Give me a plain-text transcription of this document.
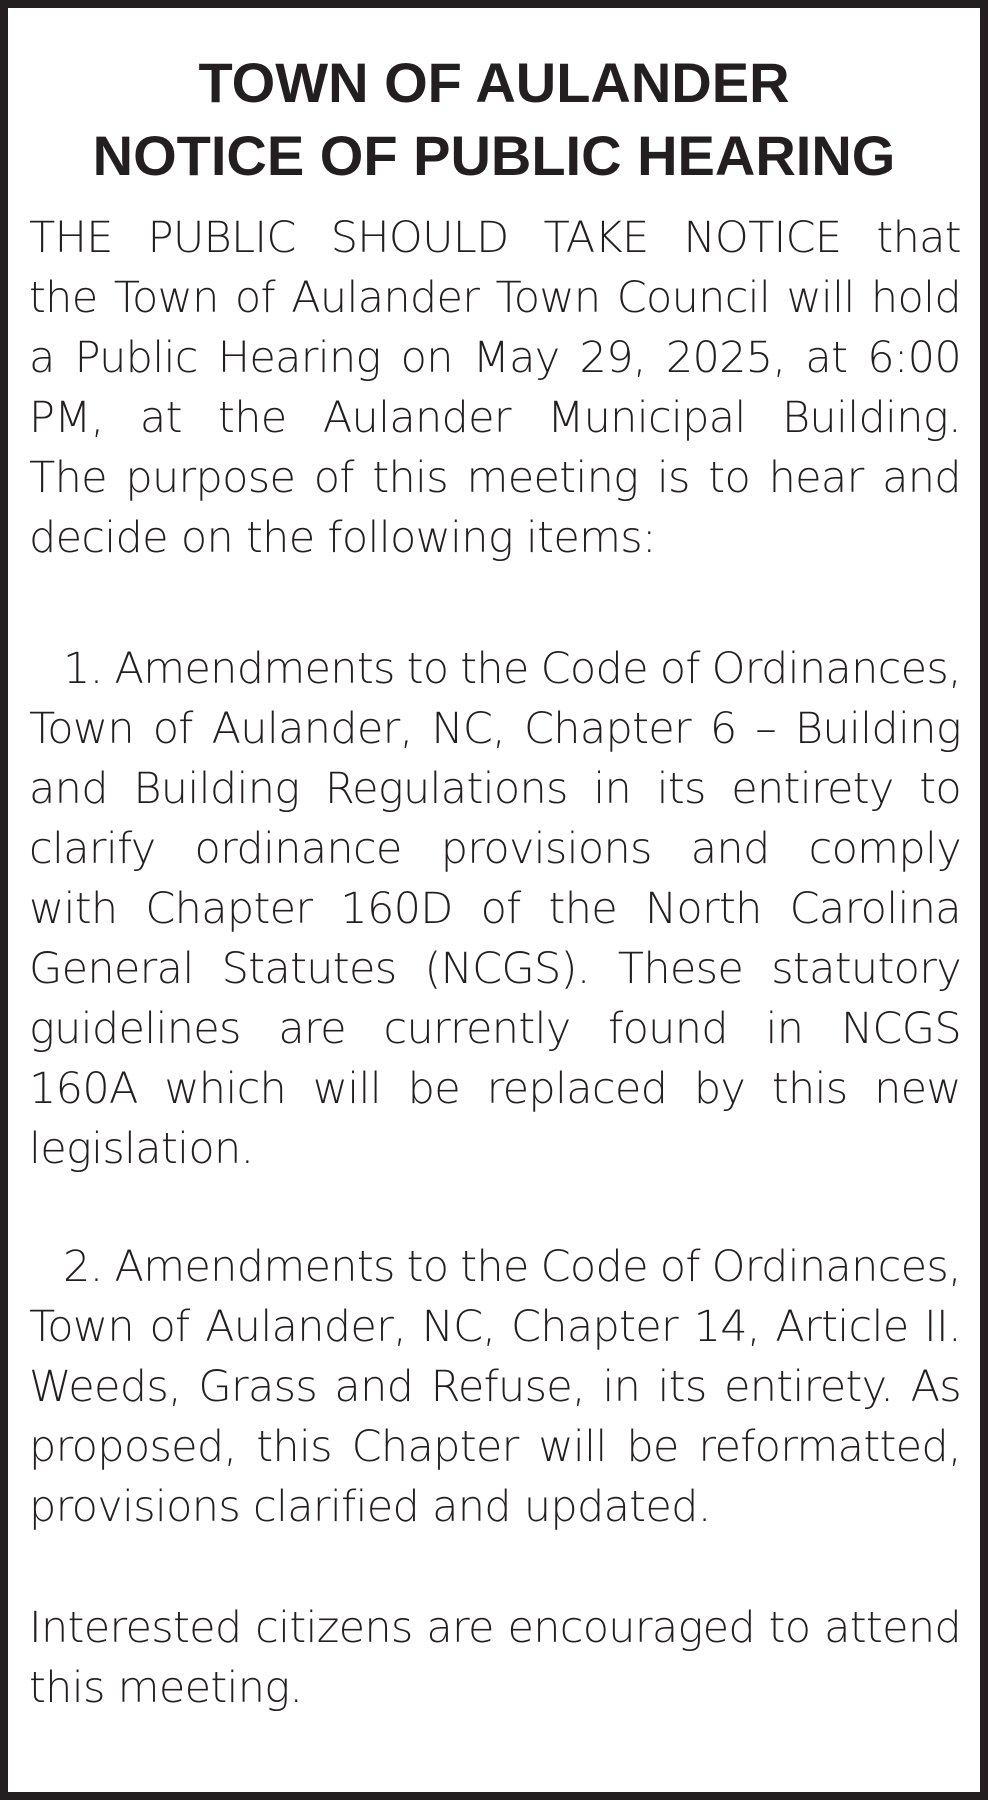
TOWN OF AULANDER
NOTICE OF PUBLIC HEARING
THE PUBLIC SHOULD TAKE NOTICE that
the Town of Aulander Town Council will hold
a Public Hearing on May 29, 2025, at 6:00
PM, at the Aulander Municipal Building.
The purpose of this meeting is to hear and
decide on the following items:
1. Amendments to the Code of Ordinances,
Town of Aulander, NC, Chapter 6 – Building
and Building Regulations in its entirety to
clarify ordinance provisions and comply
with Chapter 160D of the North Carolina
General Statutes (NCGS). These statutory
guidelines are currently found in NCGS
160A which will be replaced by this new
legislation.
2. Amendments to the Code of Ordinances,
Town of Aulander, NC, Chapter 14, Article II.
Weeds, Grass and Refuse, in its entirety. As
proposed, this Chapter will be reformatted,
provisions clarified and updated.
Interested citizens are encouraged to attend
this meeting.
